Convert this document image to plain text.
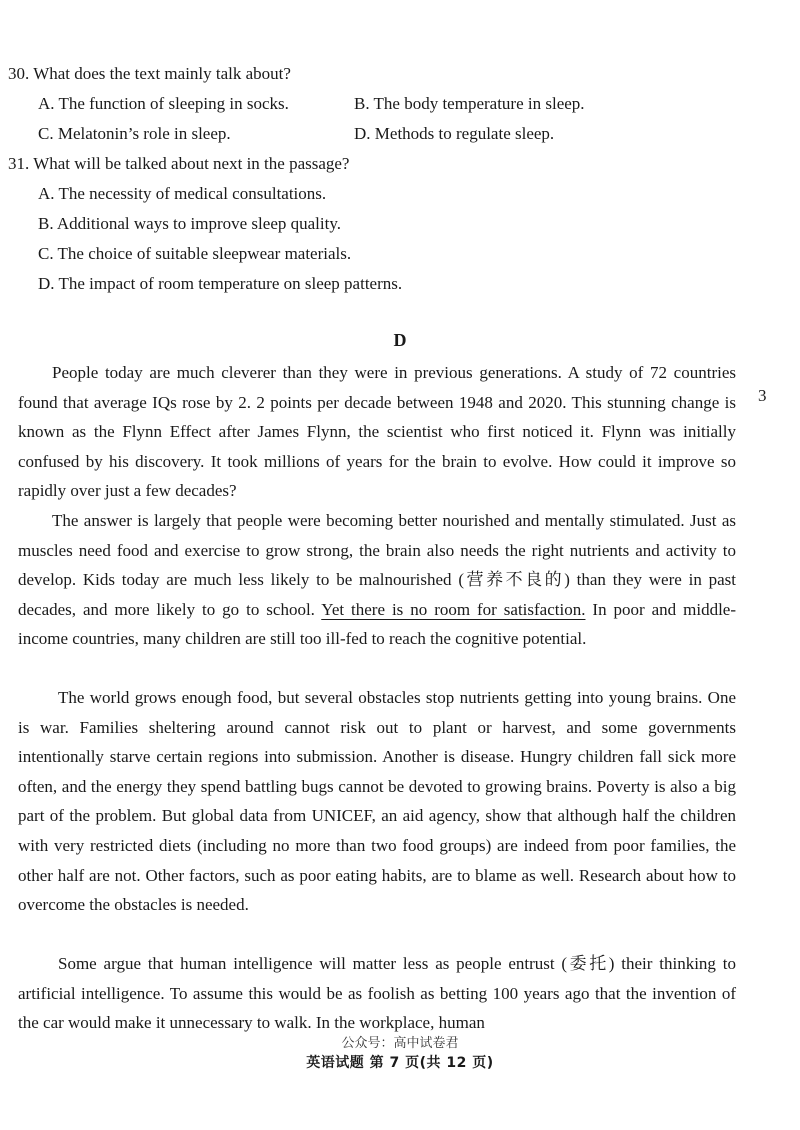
30. What does the text mainly talk about?
A. The function of sleeping in socks.	B. The body temperature in sleep.
C. Melatonin’s role in sleep.	D. Methods to regulate sleep.
31. What will be talked about next in the passage?
A. The necessity of medical consultations.
B. Additional ways to improve sleep quality.
C. The choice of suitable sleepwear materials.
D. The impact of room temperature on sleep patterns.
D
3
People today are much cleverer than they were in previous generations. A study of 72 countries found that average IQs rose by 2. 2 points per decade between 1948 and 2020. This stunning change is known as the Flynn Effect after James Flynn, the scientist who first noticed it. Flynn was initially confused by his discovery. It took millions of years for the brain to evolve. How could it improve so rapidly over just a few decades?
The answer is largely that people were becoming better nourished and mentally stimulated. Just as muscles need food and exercise to grow strong, the brain also needs the right nutrients and activity to develop. Kids today are much less likely to be malnourished (营养不良的) than they were in past decades, and more likely to go to school. Yet there is no room for satisfaction. In poor and middle-income countries, many children are still too ill-fed to reach the cognitive potential.
The world grows enough food, but several obstacles stop nutrients getting into young brains. One is war. Families sheltering around cannot risk out to plant or harvest, and some governments intentionally starve certain regions into submission. Another is disease. Hungry children fall sick more often, and the energy they spend battling bugs cannot be devoted to growing brains. Poverty is also a big part of the problem. But global data from UNICEF, an aid agency, show that although half the children with very restricted diets (including no more than two food groups) are indeed from poor families, the other half are not. Other factors, such as poor eating habits, are to blame as well. Research about how to overcome the obstacles is needed.
Some argue that human intelligence will matter less as people entrust (委托) their thinking to artificial intelligence. To assume this would be as foolish as betting 100 years ago that the invention of the car would make it unnecessary to walk. In the workplace, human
公众号：高中试卷君
英语试题 第 7 页(共 12 页)
